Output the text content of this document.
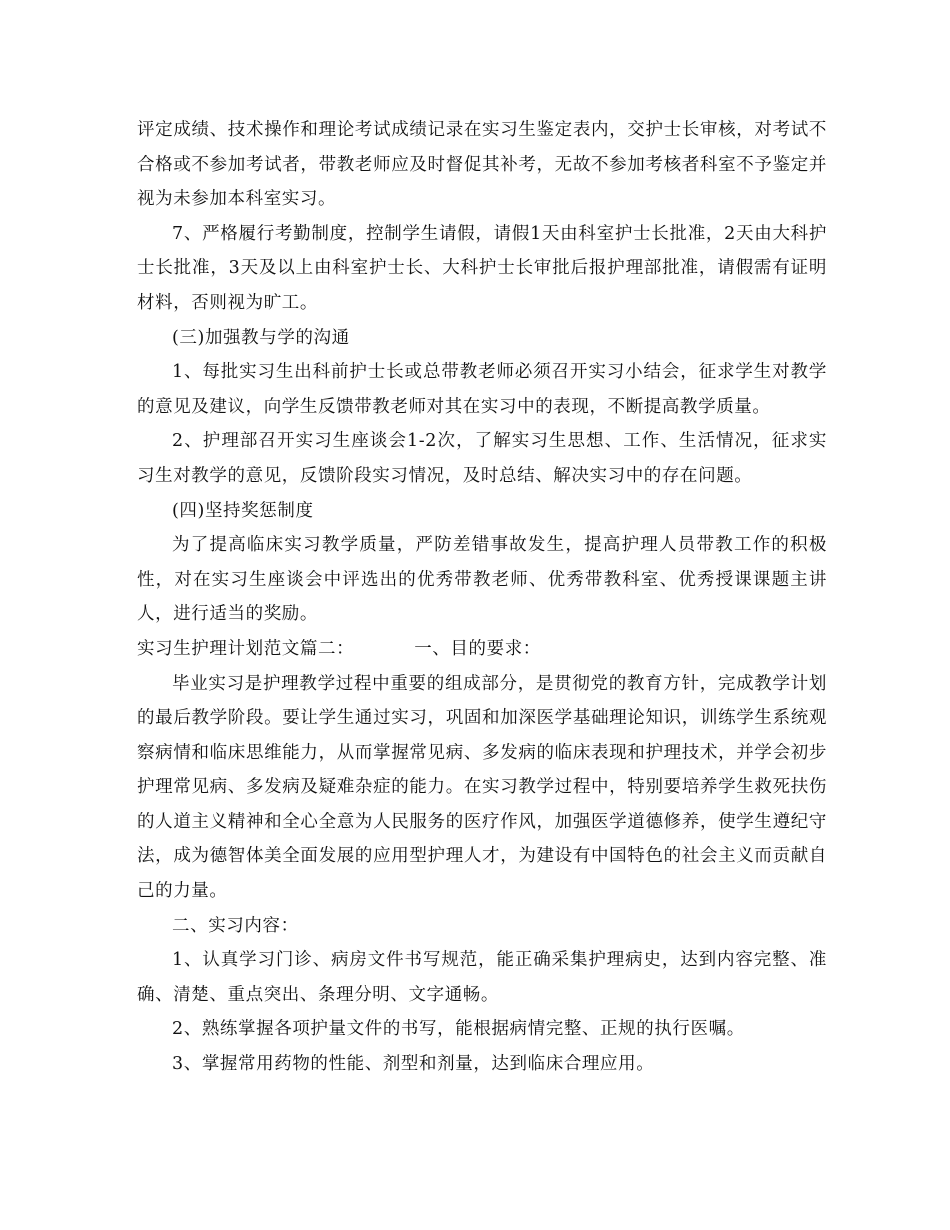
评定成绩、技术操作和理论考试成绩记录在实习生鉴定表内，交护士长审核，对考试不合格或不参加考试者，带教老师应及时督促其补考，无故不参加考核者科室不予鉴定并视为未参加本科室实习。

7、严格履行考勤制度，控制学生请假，请假1天由科室护士长批准，2天由大科护士长批准，3天及以上由科室护士长、大科护士长审批后报护理部批准，请假需有证明材料，否则视为旷工。

(三)加强教与学的沟通

1、每批实习生出科前护士长或总带教老师必须召开实习小结会，征求学生对教学的意见及建议，向学生反馈带教老师对其在实习中的表现，不断提高教学质量。

2、护理部召开实习生座谈会1-2次，了解实习生思想、工作、生活情况，征求实习生对教学的意见，反馈阶段实习情况，及时总结、解决实习中的存在问题。

(四)坚持奖惩制度

为了提高临床实习教学质量，严防差错事故发生，提高护理人员带教工作的积极性，对在实习生座谈会中评选出的优秀带教老师、优秀带教科室、优秀授课课题主讲人，进行适当的奖励。

实习生护理计划范文篇二：	一、目的要求：

毕业实习是护理教学过程中重要的组成部分，是贯彻党的教育方针，完成教学计划的最后教学阶段。要让学生通过实习，巩固和加深医学基础理论知识，训练学生系统观察病情和临床思维能力，从而掌握常见病、多发病的临床表现和护理技术，并学会初步护理常见病、多发病及疑难杂症的能力。在实习教学过程中，特别要培养学生救死扶伤的人道主义精神和全心全意为人民服务的医疗作风，加强医学道德修养，使学生遵纪守法，成为德智体美全面发展的应用型护理人才，为建设有中国特色的社会主义而贡献自己的力量。

二、实习内容：

1、认真学习门诊、病房文件书写规范，能正确采集护理病史，达到内容完整、准确、清楚、重点突出、条理分明、文字通畅。

2、熟练掌握各项护量文件的书写，能根据病情完整、正规的执行医嘱。

3、掌握常用药物的性能、剂型和剂量，达到临床合理应用。
